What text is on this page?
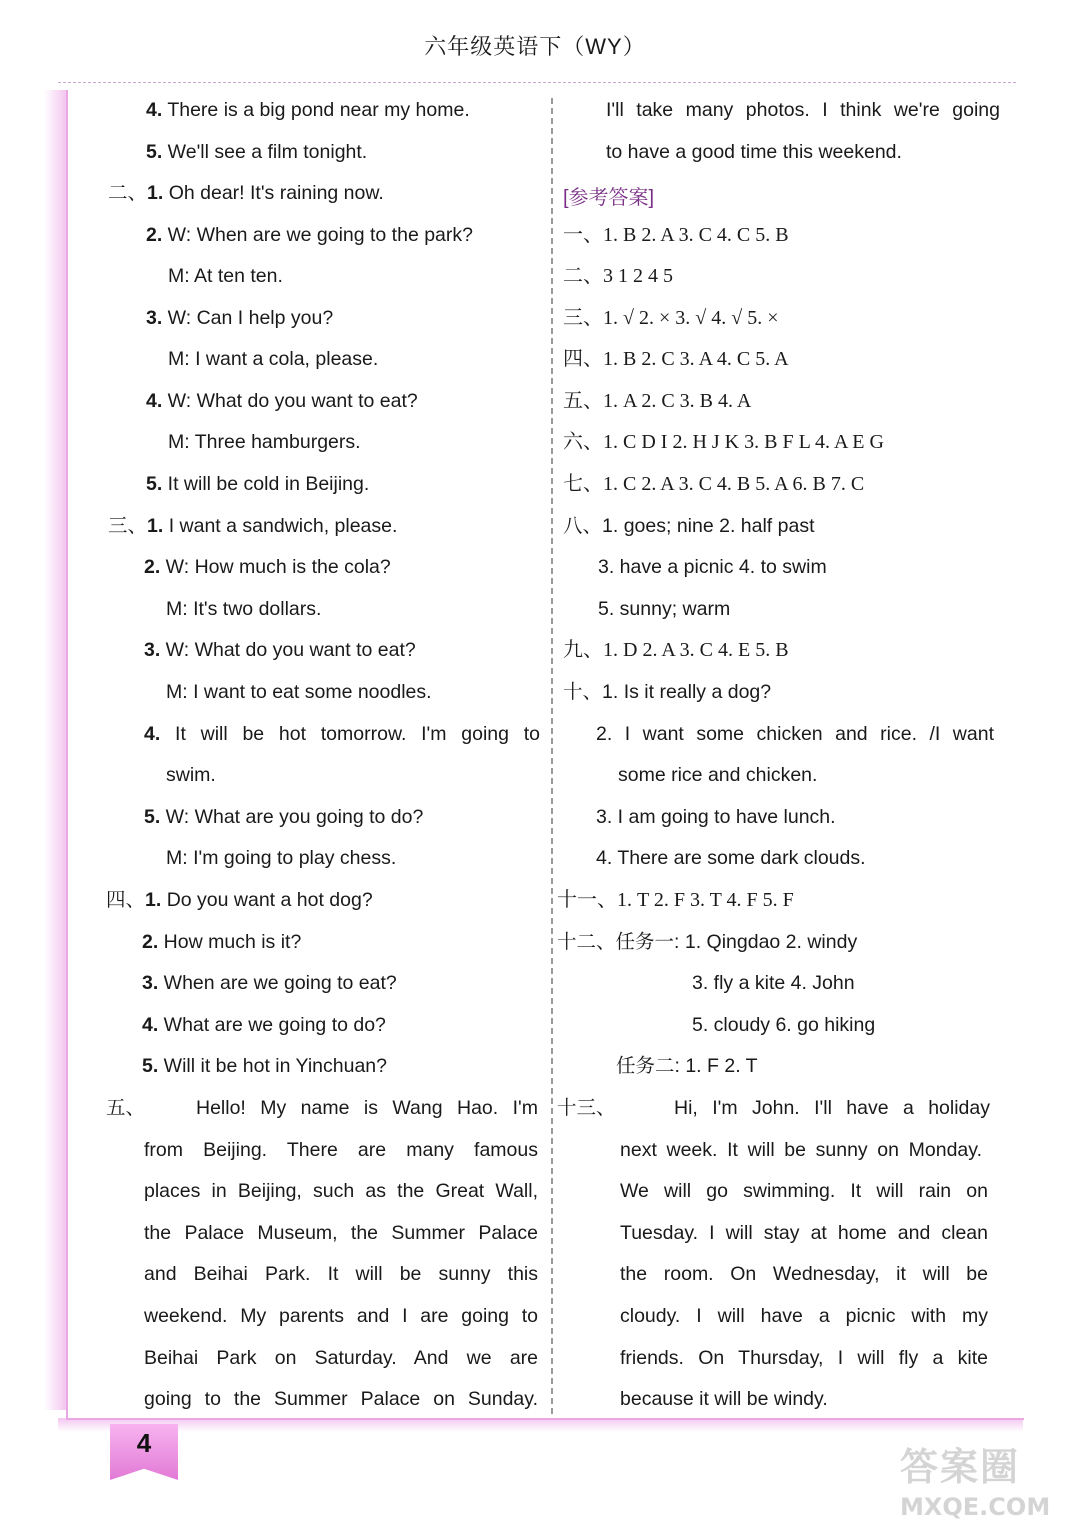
六年级英语下（WY）
4
[参考答案]
4. There is a big pond near my home.
5. We'll see a film tonight.
二、1. Oh dear! It's raining now.
2. W: When are we going to the park?
M: At ten ten.
3. W: Can I help you?
M: I want a cola, please.
4. W: What do you want to eat?
M: Three hamburgers.
5. It will be cold in Beijing.
三、1. I want a sandwich, please.
2. W: How much is the cola?
M: It's two dollars.
3. W: What do you want to eat?
M: I want to eat some noodles.
4. It will be hot tomorrow. I'm going to
swim.
5. W: What are you going to do?
M: I'm going to play chess.
四、1. Do you want a hot dog?
2. How much is it?
3. When are we going to eat?
4. What are we going to do?
5. Will it be hot in Yinchuan?
五、	Hello! My name is Wang Hao. I'm
from Beijing. There are many famous
places in Beijing, such as the Great Wall,
the Palace Museum, the Summer Palace
and Beihai Park. It will be sunny this
weekend. My parents and I are going to
Beihai Park on Saturday. And we are
going to the Summer Palace on Sunday.
I'll take many photos. I think we're going
to have a good time this weekend.
一、1. B 2. A 3. C 4. C 5. B
二、3 1 2 4 5
三、1. √ 2. × 3. √ 4. √ 5. ×
四、1. B 2. C 3. A 4. C 5. A
五、1. A 2. C 3. B 4. A
六、1. C D I 2. H J K 3. B F L 4. A E G
七、1. C 2. A 3. C 4. B 5. A 6. B 7. C
八、1. goes; nine 2. half past
3. have a picnic 4. to swim
5. sunny; warm
九、1. D 2. A 3. C 4. E 5. B
十、1. Is it really a dog?
2. I want some chicken and rice. /I want
some rice and chicken.
3. I am going to have lunch.
4. There are some dark clouds.
十一、1. T 2. F 3. T 4. F 5. F
十二、任务一: 1. Qingdao 2. windy
3. fly a kite 4. John
5. cloudy 6. go hiking
任务二: 1. F 2. T
十三、	Hi, I'm John. I'll have a holiday
next week. It will be sunny on Monday.
We will go swimming. It will rain on
Tuesday. I will stay at home and clean
the room. On Wednesday, it will be
cloudy. I will have a picnic with my
friends. On Thursday, I will fly a kite
because it will be windy.
答案圈
MXQE.COM
